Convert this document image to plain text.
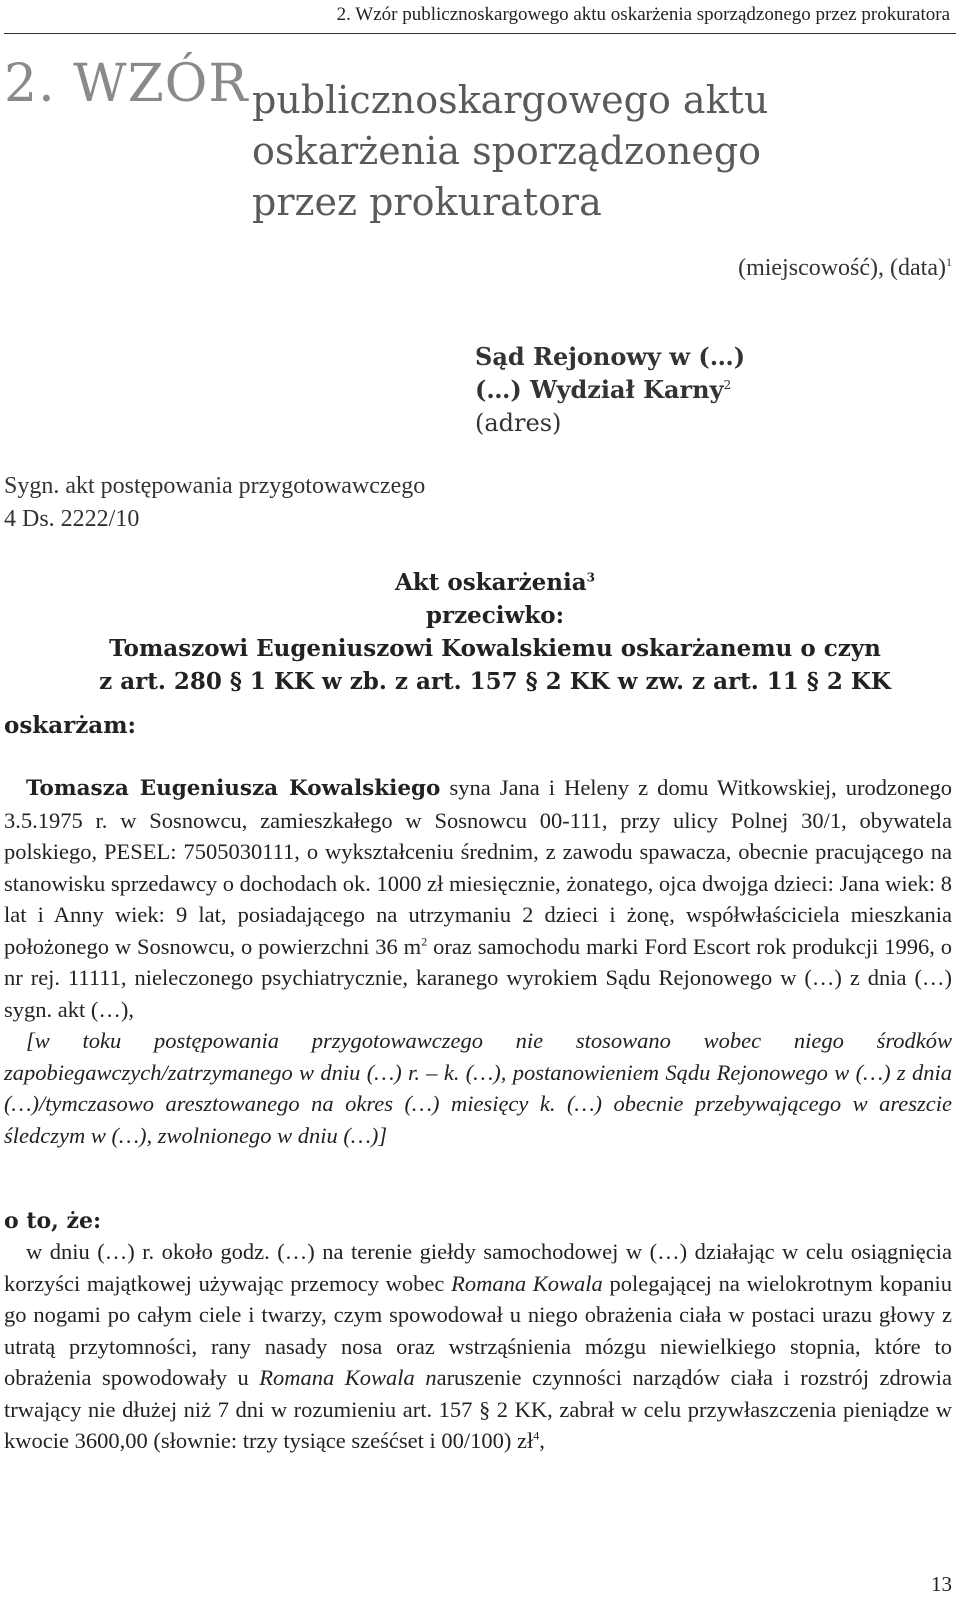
2. Wzór publicznoskargowego aktu oskarżenia sporządzonego przez prokuratora
2. WZÓR publicznoskargowego aktu oskarżenia sporządzonego przez prokuratora
(miejscowość), (data)$^1$
Sąd Rejonowy w (…)
(…) Wydział Karny$^2$
(adres)
Sygn. akt postępowania przygotowawczego
4 Ds. 2222/10
Akt oskarżenia$^3$
przeciwko:
Tomaszowi Eugeniuszowi Kowalskiemu oskarżanemu o czyn
z art. 280 § 1 KK w zb. z art. 157 § 2 KK w zw. z art. 11 § 2 KK
oskarżam:
Tomasza Eugeniusza Kowalskiego syna Jana i Heleny z domu Witkowskiej, urodzonego 3.5.1975 r. w Sosnowcu, zamieszkałego w Sosnowcu 00-111, przy ulicy Polnej 30/1, obywatela polskiego, PESEL: 7505030111, o wykształceniu średnim, z zawodu spawacza, obecnie pracującego na stanowisku sprzedawcy o dochodach ok. 1000 zł miesięcznie, żonatego, ojca dwojga dzieci: Jana wiek: 8 lat i Anny wiek: 9 lat, posiadającego na utrzymaniu 2 dzieci i żonę, współwłaściciela mieszkania położonego w Sosnowcu, o powierzchni 36 $m^2$ oraz samochodu marki Ford Escort rok produkcji 1996, o nr rej. 11111, nieleczonego psychiatrycznie, karanego wyrokiem Sądu Rejonowego w (…) z dnia (…) sygn. akt (…),
[w toku postępowania przygotowawczego nie stosowano wobec niego środków zapobiegawczych/zatrzymanego w dniu (…) r. – k. (…), postanowieniem Sądu Rejonowego w (…) z dnia (…)/tymczasowo aresztowanego na okres (…) miesięcy k. (…) obecnie przebywającego w areszcie śledczym w (…), zwolnionego w dniu (…)]
o to, że:
w dniu (…) r. około godz. (…) na terenie giełdy samochodowej w (…) działając w celu osiągnięcia korzyści majątkowej używając przemocy wobec Romana Kowala polegającej na wielokrotnym kopaniu go nogami po całym ciele i twarzy, czym spowodował u niego obrażenia ciała w postaci urazu głowy z utratą przytomności, rany nasady nosa oraz wstrząśnienia mózgu niewielkiego stopnia, które to obrażenia spowodowały u Romana Kowala naruszenie czynności narządów ciała i rozstrój zdrowia trwający nie dłużej niż 7 dni w rozumieniu art. 157 § 2 KK, zabrał w celu przywłaszczenia pieniądze w kwocie 3600,00 (słownie: trzy tysiące sześćset i 00/100) $zł^4$,
13
